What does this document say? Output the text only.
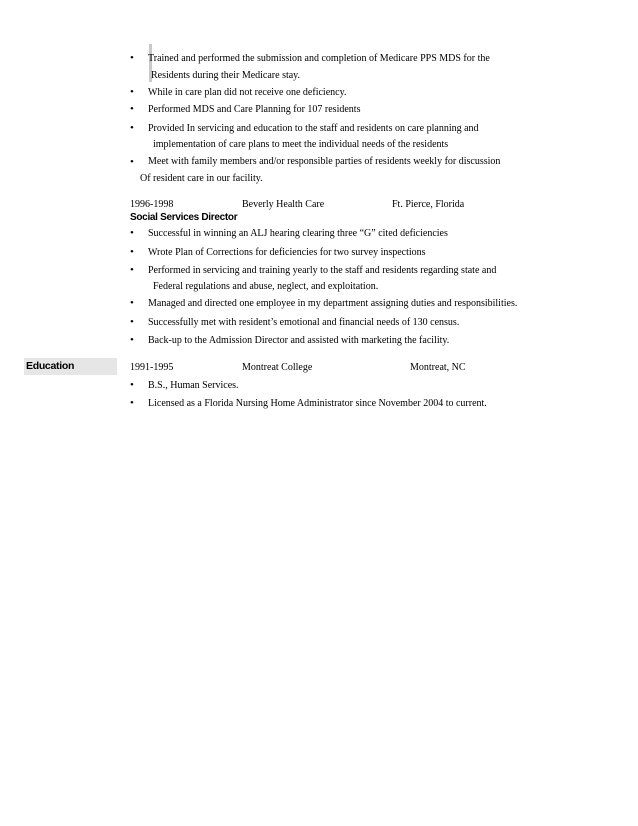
• Trained and performed the submission and completion of Medicare PPS MDS for the
Residents during their Medicare stay.
• While in care plan did not receive one deficiency.
• Performed MDS and Care Planning for 107 residents
• Provided In servicing and education to the staff and residents on care planning and
implementation of care plans to meet the individual needs of the residents
• Meet with family members and/or responsible parties of residents weekly for discussion
Of resident care in our facility.
1996-1998	Beverly Health Care	Ft. Pierce, Florida
Social Services Director
• Successful in winning an ALJ hearing clearing three “G” cited deficiencies
• Wrote Plan of Corrections for deficiencies for two survey inspections
• Performed in servicing and training yearly to the staff and residents regarding state and
Federal regulations and abuse, neglect, and exploitation.
• Managed and directed one employee in my department assigning duties and responsibilities.
• Successfully met with resident’s emotional and financial needs of 130 census.
• Back-up to the Admission Director and assisted with marketing the facility.
Education	1991-1995	Montreat College	Montreat, NC
• B.S., Human Services.
• Licensed as a Florida Nursing Home Administrator since November 2004 to current.
